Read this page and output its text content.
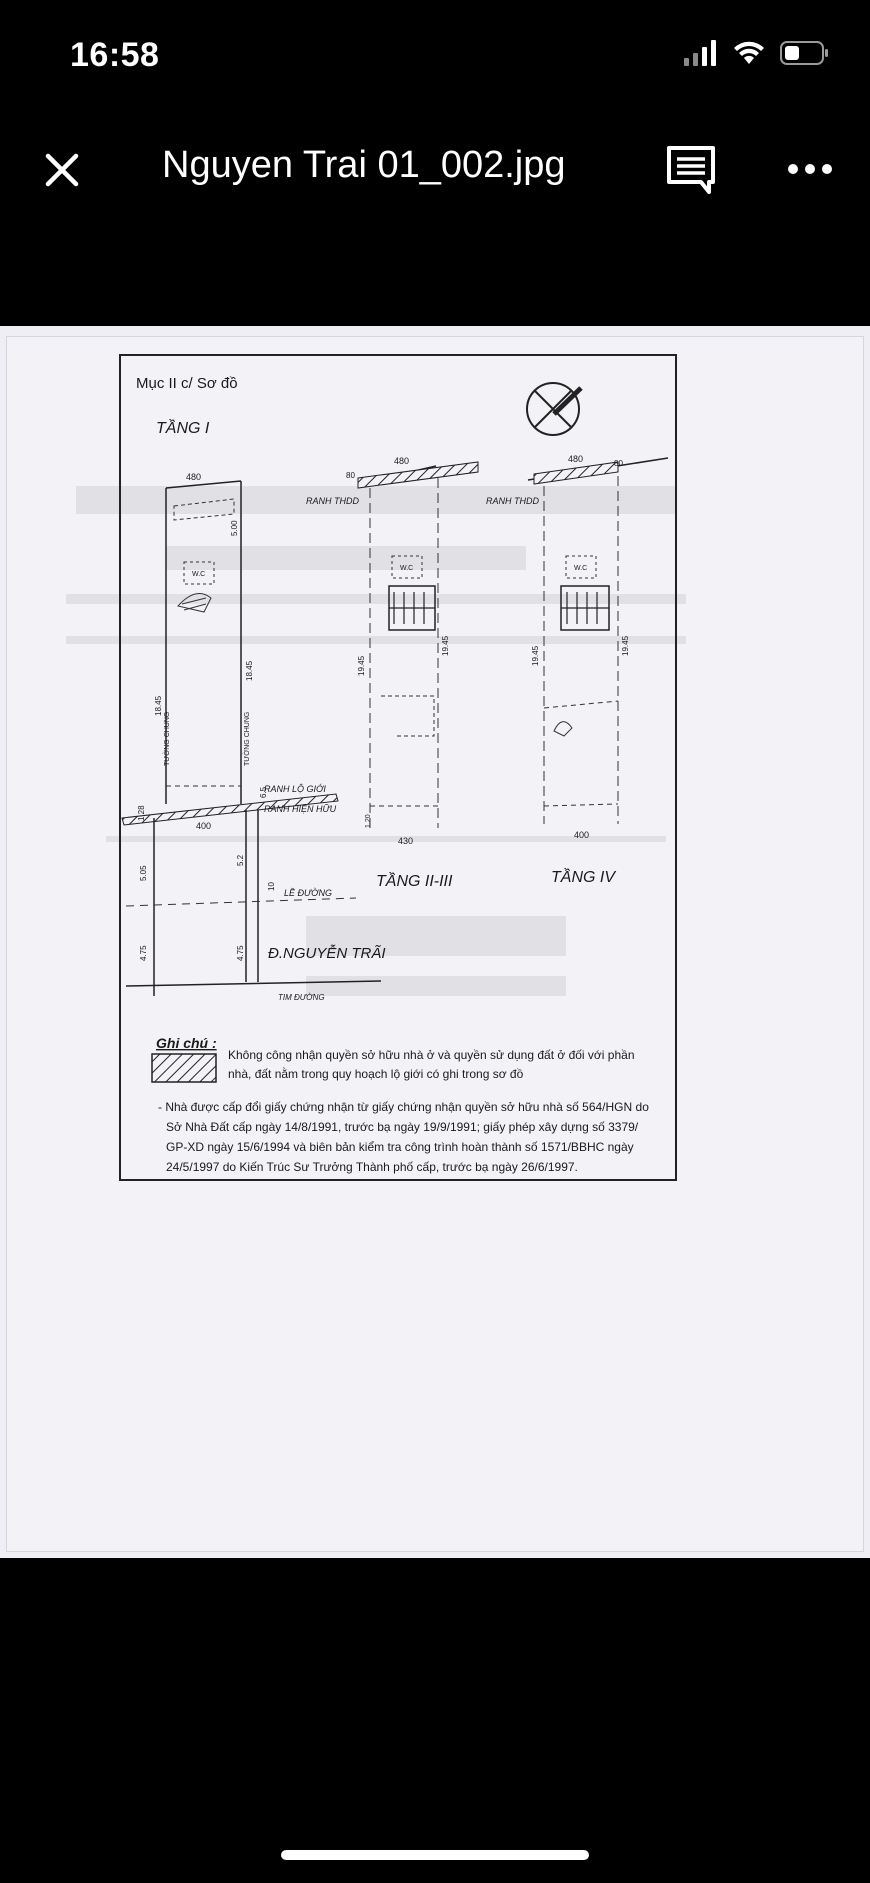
16:58
Nguyen Trai 01_002.jpg
Mục II c/ Sơ đồ
TẦNG I
480
W.C
18.45
TƯỜNG CHUNG	TƯỜNG CHUNG
18.45
5.00
RANH LỘ GIỚI
RANH HIỆN HỮU
400
1.28
6.5
5.05
5.2
10
4.75	4.75
LỀ ĐƯỜNG
Đ.NGUYỄN TRÃI
TIM ĐƯỜNG
480
80
RANH THDD
W.C
19.45
19.45
1.20
430
TẦNG II-III
480	80
RANH THDD
W.C
19.45	19.45
400
TẦNG IV
Ghi chú :
Không công nhận quyền sở hữu nhà ở và quyền sử dụng đất ở đối với phần
nhà, đất nằm trong quy hoạch lộ giới có ghi trong sơ đồ
- Nhà được cấp đổi giấy chứng nhận từ giấy chứng nhận quyền sở hữu nhà số 564/HGN do
Sở Nhà Đất cấp ngày 14/8/1991, trước bạ ngày 19/9/1991; giấy phép xây dựng số 3379/
GP-XD ngày 15/6/1994 và biên bản kiểm tra công trình hoàn thành số 1571/BBHC ngày
24/5/1997 do Kiến Trúc Sư Trưởng Thành phố cấp, trước bạ ngày 26/6/1997.
